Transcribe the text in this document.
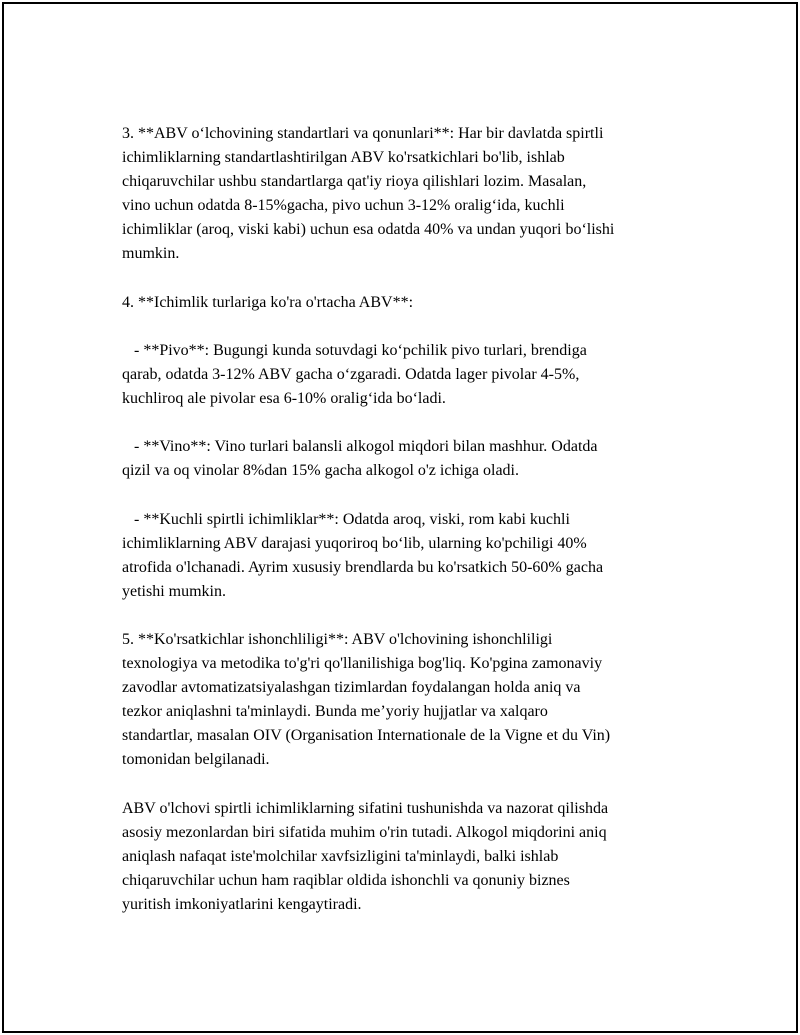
3. **ABV o‘lchovining standartlari va qonunlari**: Har bir davlatda spirtli
ichimliklarning standartlashtirilgan ABV ko'rsatkichlari bo'lib, ishlab
chiqaruvchilar ushbu standartlarga qat'iy rioya qilishlari lozim. Masalan,
vino uchun odatda 8-15%gacha, pivo uchun 3-12% oralig‘ida, kuchli
ichimliklar (aroq, viski kabi) uchun esa odatda 40% va undan yuqori bo‘lishi
mumkin.

4. **Ichimlik turlariga ko'ra o'rtacha ABV**:

- **Pivo**: Bugungi kunda sotuvdagi ko‘pchilik pivo turlari, brendiga
qarab, odatda 3-12% ABV gacha o‘zgaradi. Odatda lager pivolar 4-5%,
kuchliroq ale pivolar esa 6-10% oralig‘ida bo‘ladi.

- **Vino**: Vino turlari balansli alkogol miqdori bilan mashhur. Odatda
qizil va oq vinolar 8%dan 15% gacha alkogol o'z ichiga oladi.

- **Kuchli spirtli ichimliklar**: Odatda aroq, viski, rom kabi kuchli
ichimliklarning ABV darajasi yuqoriroq bo‘lib, ularning ko'pchiligi 40%
atrofida o'lchanadi. Ayrim xususiy brendlarda bu ko'rsatkich 50-60% gacha
yetishi mumkin.

5. **Ko'rsatkichlar ishonchliligi**: ABV o'lchovining ishonchliligi
texnologiya va metodika to'g'ri qo'llanilishiga bog'liq. Ko'pgina zamonaviy
zavodlar avtomatizatsiyalashgan tizimlardan foydalangan holda aniq va
tezkor aniqlashni ta'minlaydi. Bunda me’yoriy hujjatlar va xalqaro
standartlar, masalan OIV (Organisation Internationale de la Vigne et du Vin)
tomonidan belgilanadi.

ABV o'lchovi spirtli ichimliklarning sifatini tushunishda va nazorat qilishda
asosiy mezonlardan biri sifatida muhim o'rin tutadi. Alkogol miqdorini aniq
aniqlash nafaqat iste'molchilar xavfsizligini ta'minlaydi, balki ishlab
chiqaruvchilar uchun ham raqiblar oldida ishonchli va qonuniy biznes
yuritish imkoniyatlarini kengaytiradi.
